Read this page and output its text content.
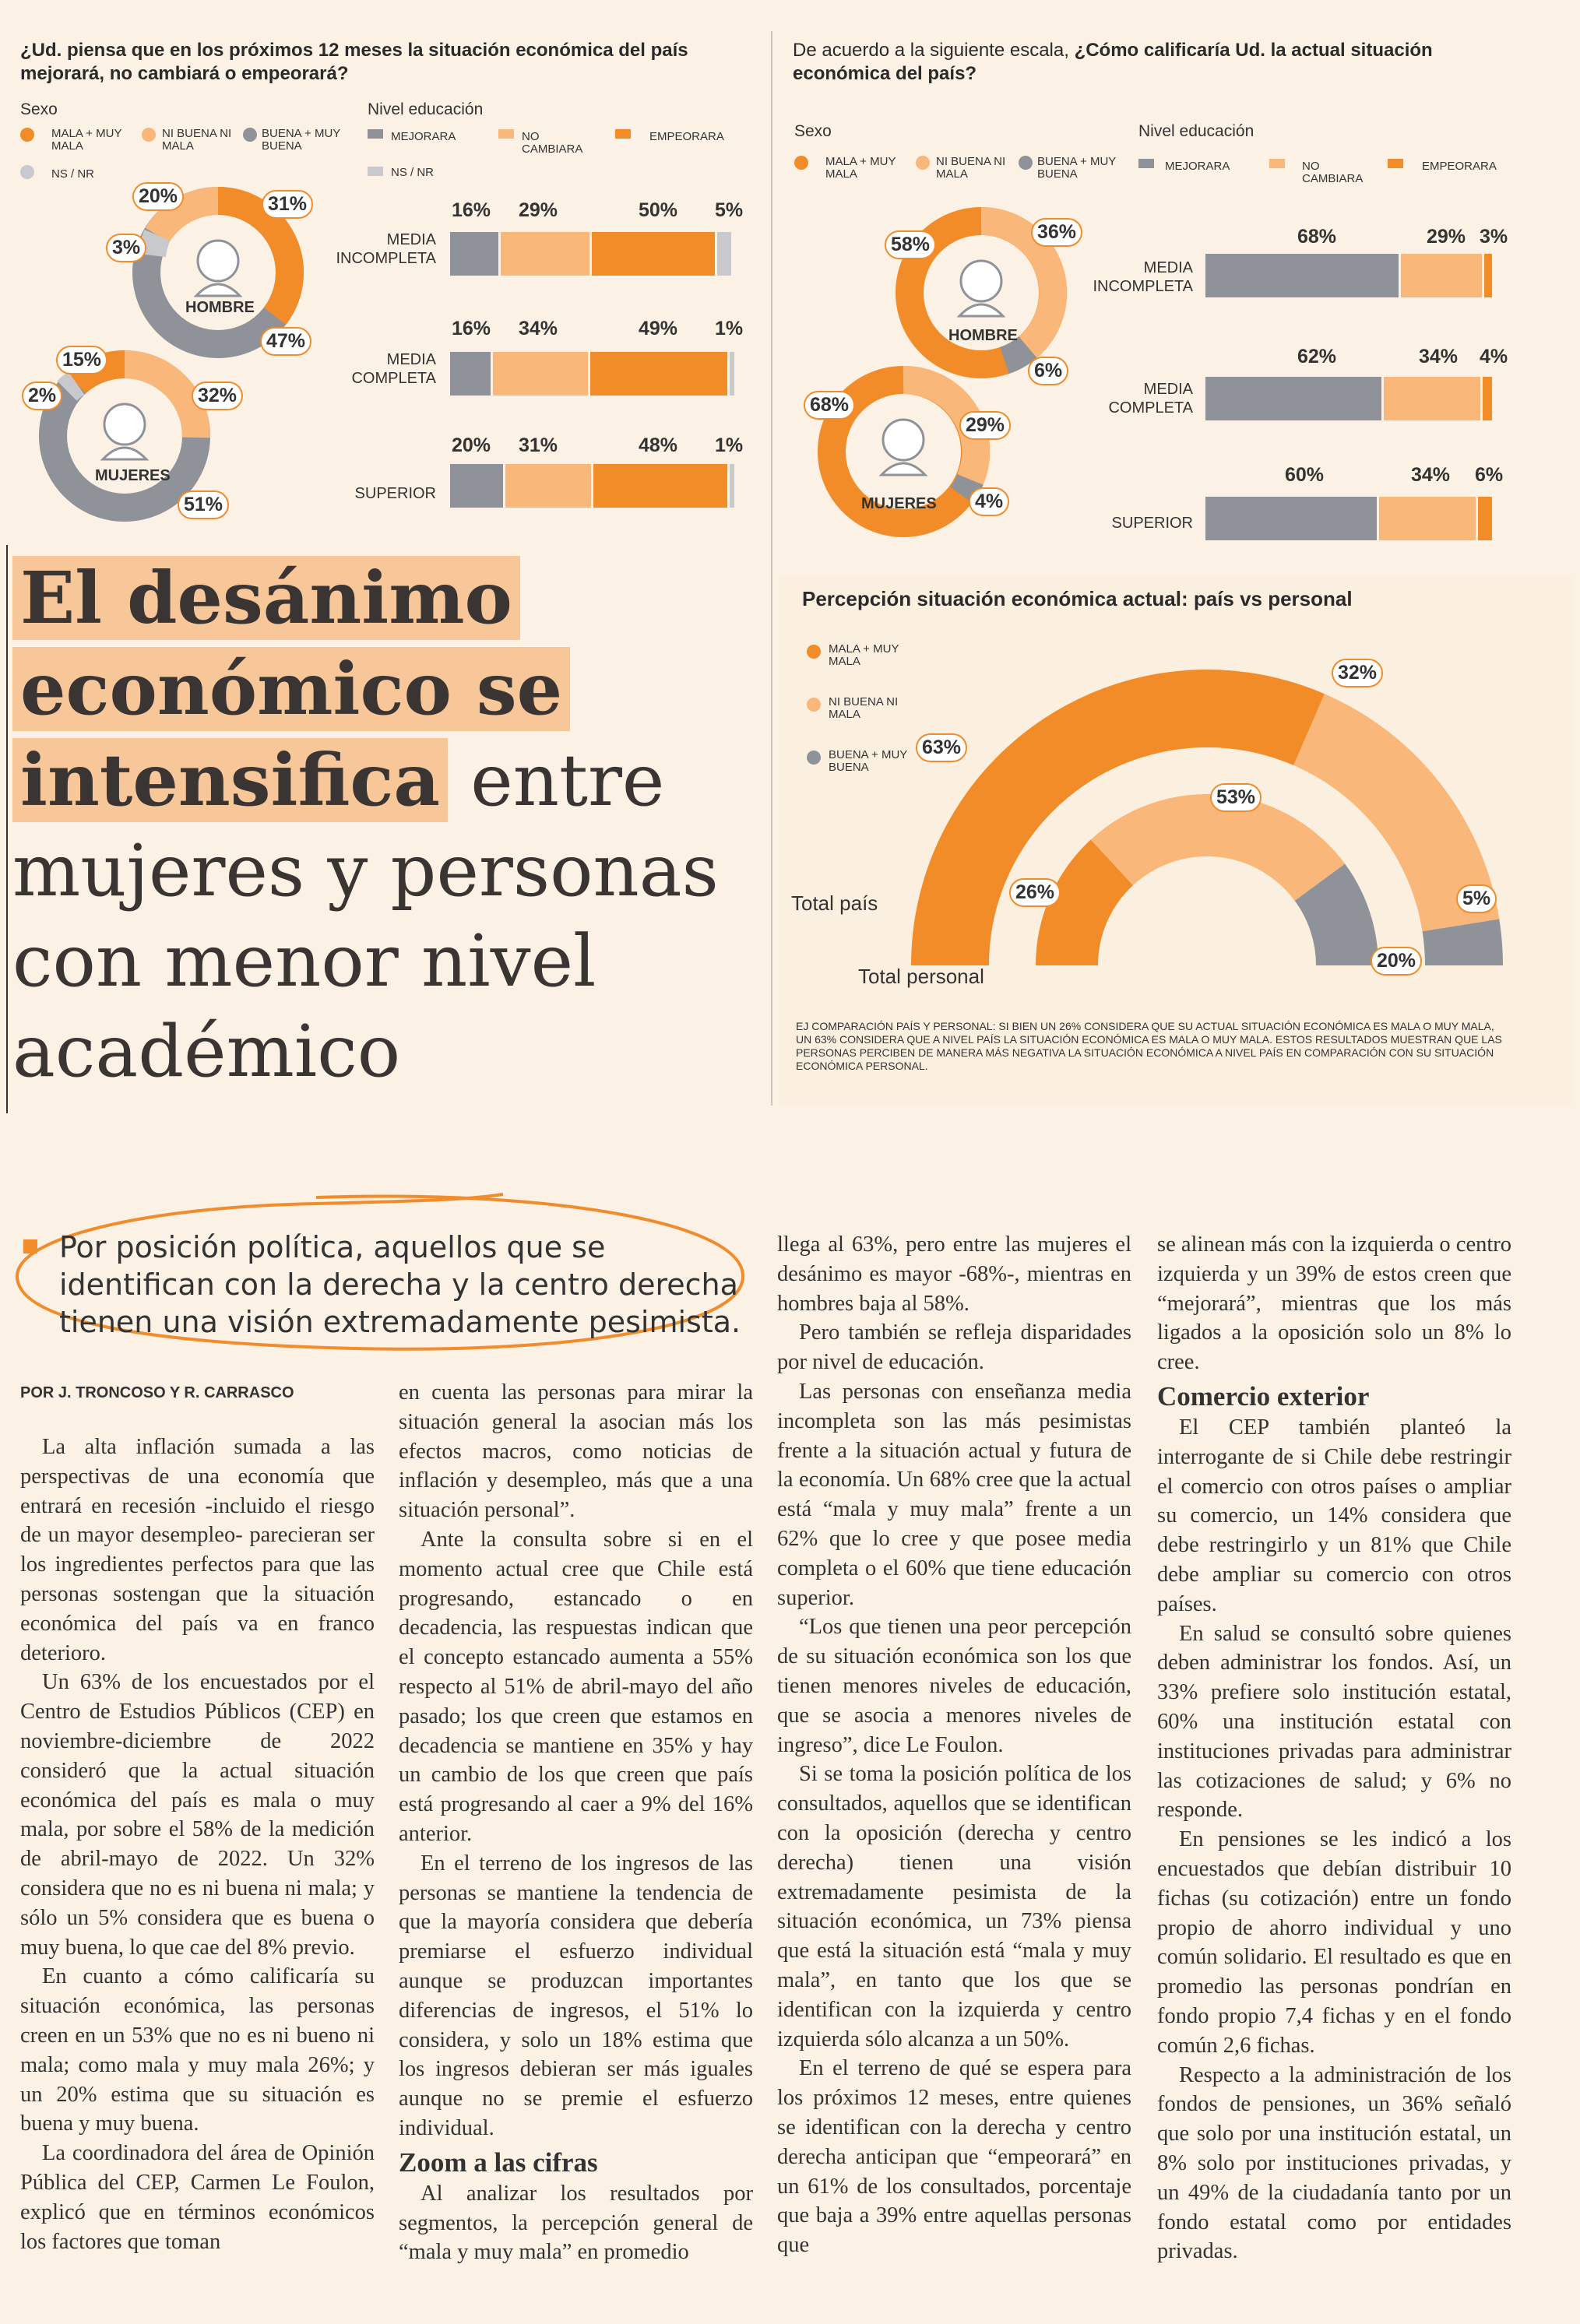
¿Ud. piensa que en los próximos 12 meses la situación económica del país mejorará, no cambiará o empeorará?
Sexo
MALA + MUY MALA
NI BUENA NI MALA
BUENA + MUY BUENA
NS / NR
HOMBRE
20%	31%
3%
47%
MUJERES
15%
32%
2%
51%
Nivel educación
MEJORARA	NO CAMBIARA
EMPEORARA
NS / NR
MEDIA INCOMPLETA
16% 29%	50% 5%
MEDIA COMPLETA
16% 34%	49% 1%
SUPERIOR
20% 31%	48% 1%
De acuerdo a la siguiente escala, ¿Cómo calificaría Ud. la actual situación económica del país?
Sexo
MALA + MUY MALA
NI BUENA NI MALA
BUENA + MUY BUENA
HOMBRE
58%
36%
6%
MUJERES
68%
29%
4%
Nivel educación
MEJORARA	NO CAMBIARA
EMPEORARA
MEDIA INCOMPLETA
68%	29% 3%
MEDIA COMPLETA
62%	34% 4%
SUPERIOR
60%	34% 6%
Percepción situación económica actual: país vs personal
MALA + MUY MALA
NI BUENA NI MALA
BUENA + MUY BUENA
Total país
Total personal
63%
32%
5%
26%
53%
20%
EJ COMPARACIÓN PAÍS Y PERSONAL: SI BIEN UN 26% CONSIDERA QUE SU ACTUAL SITUACIÓN ECONÓMICA ES MALA O MUY MALA, UN 63% CONSIDERA QUE A NIVEL PAÍS LA SITUACIÓN ECONÓMICA ES MALA O MUY MALA. ESTOS RESULTADOS MUESTRAN QUE LAS PERSONAS PERCIBEN DE MANERA MÁS NEGATIVA LA SITUACIÓN ECONÓMICA A NIVEL PAÍS EN COMPARACIÓN CON SU SITUACIÓN ECONÓMICA PERSONAL.
El desánimo
económico se
intensifica entre
mujeres y personas
con menor nivel
académico
Por posición política, aquellos que se identifican con la derecha y la centro derecha tienen una visión extremadamente pesimista.
POR J. TRONCOSO Y R. CARRASCO

La alta inflación sumada a las perspectivas de una economía que entrará en recesión -incluido el riesgo de un mayor desempleo- parecieran ser los ingredientes perfectos para que las personas sostengan que la situación económica del país va en franco deterioro.

Un 63% de los encuestados por el Centro de Estudios Públicos (CEP) en noviembre-diciembre de 2022 consideró que la actual situación económica del país es mala o muy mala, por sobre el 58% de la medición de abril-mayo de 2022. Un 32% considera que no es ni buena ni mala; y sólo un 5% considera que es buena o muy buena, lo que cae del 8% previo.

En cuanto a cómo calificaría su situación económica, las personas creen en un 53% que no es ni bueno ni mala; como mala y muy mala 26%; y un 20% estima que su situación es buena y muy buena.

La coordinadora del área de Opinión Pública del CEP, Carmen Le Foulon, explicó que en términos económicos los factores que toman

en cuenta las personas para mirar la situación general la asocian más los efectos macros, como noticias de inflación y desempleo, más que a una situación personal”.

Ante la consulta sobre si en el momento actual cree que Chile está progresando, estancado o en decadencia, las respuestas indican que el concepto estancado aumenta a 55% respecto al 51% de abril-mayo del año pasado; los que creen que estamos en decadencia se mantiene en 35% y hay un cambio de los que creen que país está progresando al caer a 9% del 16% anterior.

En el terreno de los ingresos de las personas se mantiene la tendencia de que la mayoría considera que debería premiarse el esfuerzo individual aunque se produzcan importantes diferencias de ingresos, el 51% lo considera, y solo un 18% estima que los ingresos debieran ser más iguales aunque no se premie el esfuerzo individual.

Zoom a las cifras

Al analizar los resultados por segmentos, la percepción general de “mala y muy mala” en promedio

llega al 63%, pero entre las mujeres el desánimo es mayor -68%-, mientras en hombres baja al 58%.

Pero también se refleja disparidades por nivel de educación.

Las personas con enseñanza media incompleta son las más pesimistas frente a la situación actual y futura de la economía. Un 68% cree que la actual está “mala y muy mala” frente a un 62% que lo cree y que posee media completa o el 60% que tiene educación superior.

“Los que tienen una peor percepción de su situación económica son los que tienen menores niveles de educación, que se asocia a menores niveles de ingreso”, dice Le Foulon.

Si se toma la posición política de los consultados, aquellos que se identifican con la oposición (derecha y centro derecha) tienen una visión extremadamente pesimista de la situación económica, un 73% piensa que está la situación está “mala y muy mala”, en tanto que los que se identifican con la izquierda y centro izquierda sólo alcanza a un 50%.

En el terreno de qué se espera para los próximos 12 meses, entre quienes se identifican con la derecha y centro derecha anticipan que “empeorará” en un 61% de los consultados, porcentaje que baja a 39% entre aquellas personas que

se alinean más con la izquierda o centro izquierda y un 39% de estos creen que “mejorará”, mientras que los más ligados a la oposición solo un 8% lo cree.

Comercio exterior

El CEP también planteó la interrogante de si Chile debe restringir el comercio con otros países o ampliar su comercio, un 14% considera que debe restringirlo y un 81% que Chile debe ampliar su comercio con otros países.

En salud se consultó sobre quienes deben administrar los fondos. Así, un 33% prefiere solo institución estatal, 60% una institución estatal con instituciones privadas para administrar las cotizaciones de salud; y 6% no responde.

En pensiones se les indicó a los encuestados que debían distribuir 10 fichas (su cotización) entre un fondo propio de ahorro individual y uno común solidario. El resultado es que en promedio las personas pondrían en fondo propio 7,4 fichas y en el fondo común 2,6 fichas.

Respecto a la administración de los fondos de pensiones, un 36% señaló que solo por una institución estatal, un 8% solo por instituciones privadas, y un 49% de la ciudadanía tanto por un fondo estatal como por entidades privadas.
